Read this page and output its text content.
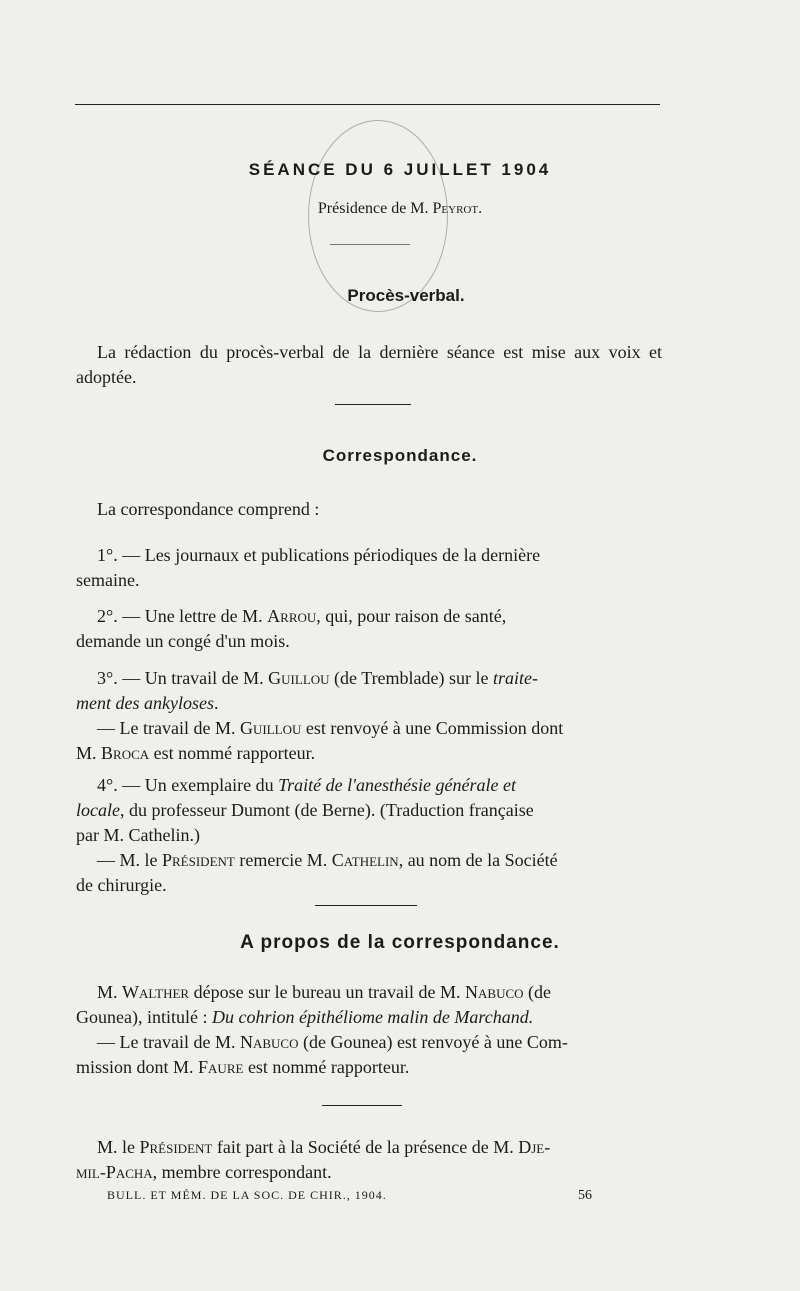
SÉANCE DU 6 JUILLET 1904
Présidence de M. Peyrot.
Procès-verbal.
La rédaction du procès-verbal de la dernière séance est mise aux voix et adoptée.
Correspondance.
La correspondance comprend :
1°. — Les journaux et publications périodiques de la dernière
semaine.
2°. — Une lettre de M. Arrou, qui, pour raison de santé,
demande un congé d'un mois.
3°. — Un travail de M. Guillou (de Tremblade) sur le traite-
ment des ankyloses.
— Le travail de M. Guillou est renvoyé à une Commission dont
M. Broca est nommé rapporteur.
4°. — Un exemplaire du Traité de l'anesthésie générale et
locale, du professeur Dumont (de Berne). (Traduction française
par M. Cathelin.)
— M. le Président remercie M. Cathelin, au nom de la Société
de chirurgie.
A propos de la correspondance.
M. Walther dépose sur le bureau un travail de M. Nabuco (de
Gounea), intitulé : Du cohrion épithéliome malin de Marchand.
— Le travail de M. Nabuco (de Gounea) est renvoyé à une Com-
mission dont M. Faure est nommé rapporteur.
M. le Président fait part à la Société de la présence de M. Dje-
mil-Pacha, membre correspondant.
BULL. ET MÉM. DE LA SOC. DE CHIR., 1904.	56
